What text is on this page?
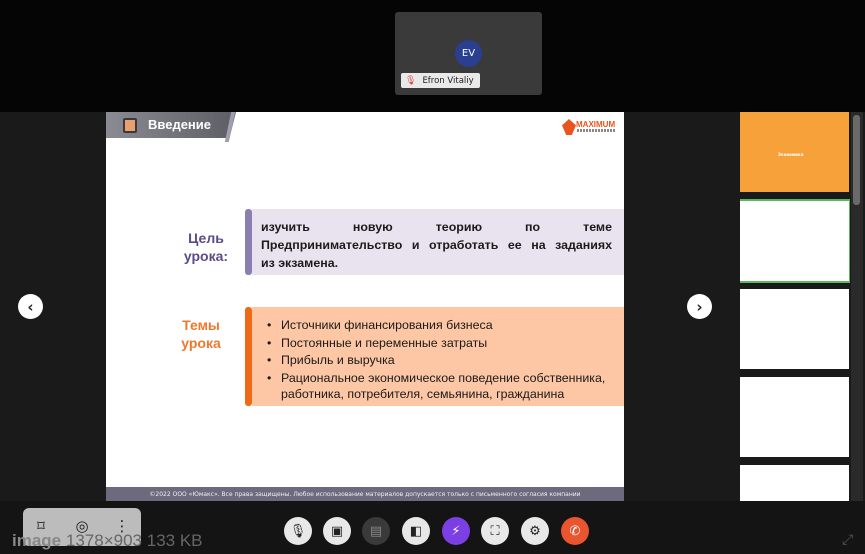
EV
🎙 Efron Vitaliy
Введение	MAXIMUM
Цель
урока:
изучить новую теорию по теме
Предпринимательство и отработать ее на заданиях
из экзамена.
Темы
урока
• Источники финансирования бизнеса
• Постоянные и переменные затраты
• Прибыль и выручка
• Рациональное экономическое поведение собственника, работника, потребителя, семьянина, гражданина
©2022 ООО «Юмакс». Все права защищены. Любое использование материалов допускается только с письменного согласия компании
‹	›
Экономика
⌑	◎ ⋮
image 1378×903 133 KB	🎙 ▣ ▤ ◧ ⚡ ⛶ ⚙ ✆
⤢
